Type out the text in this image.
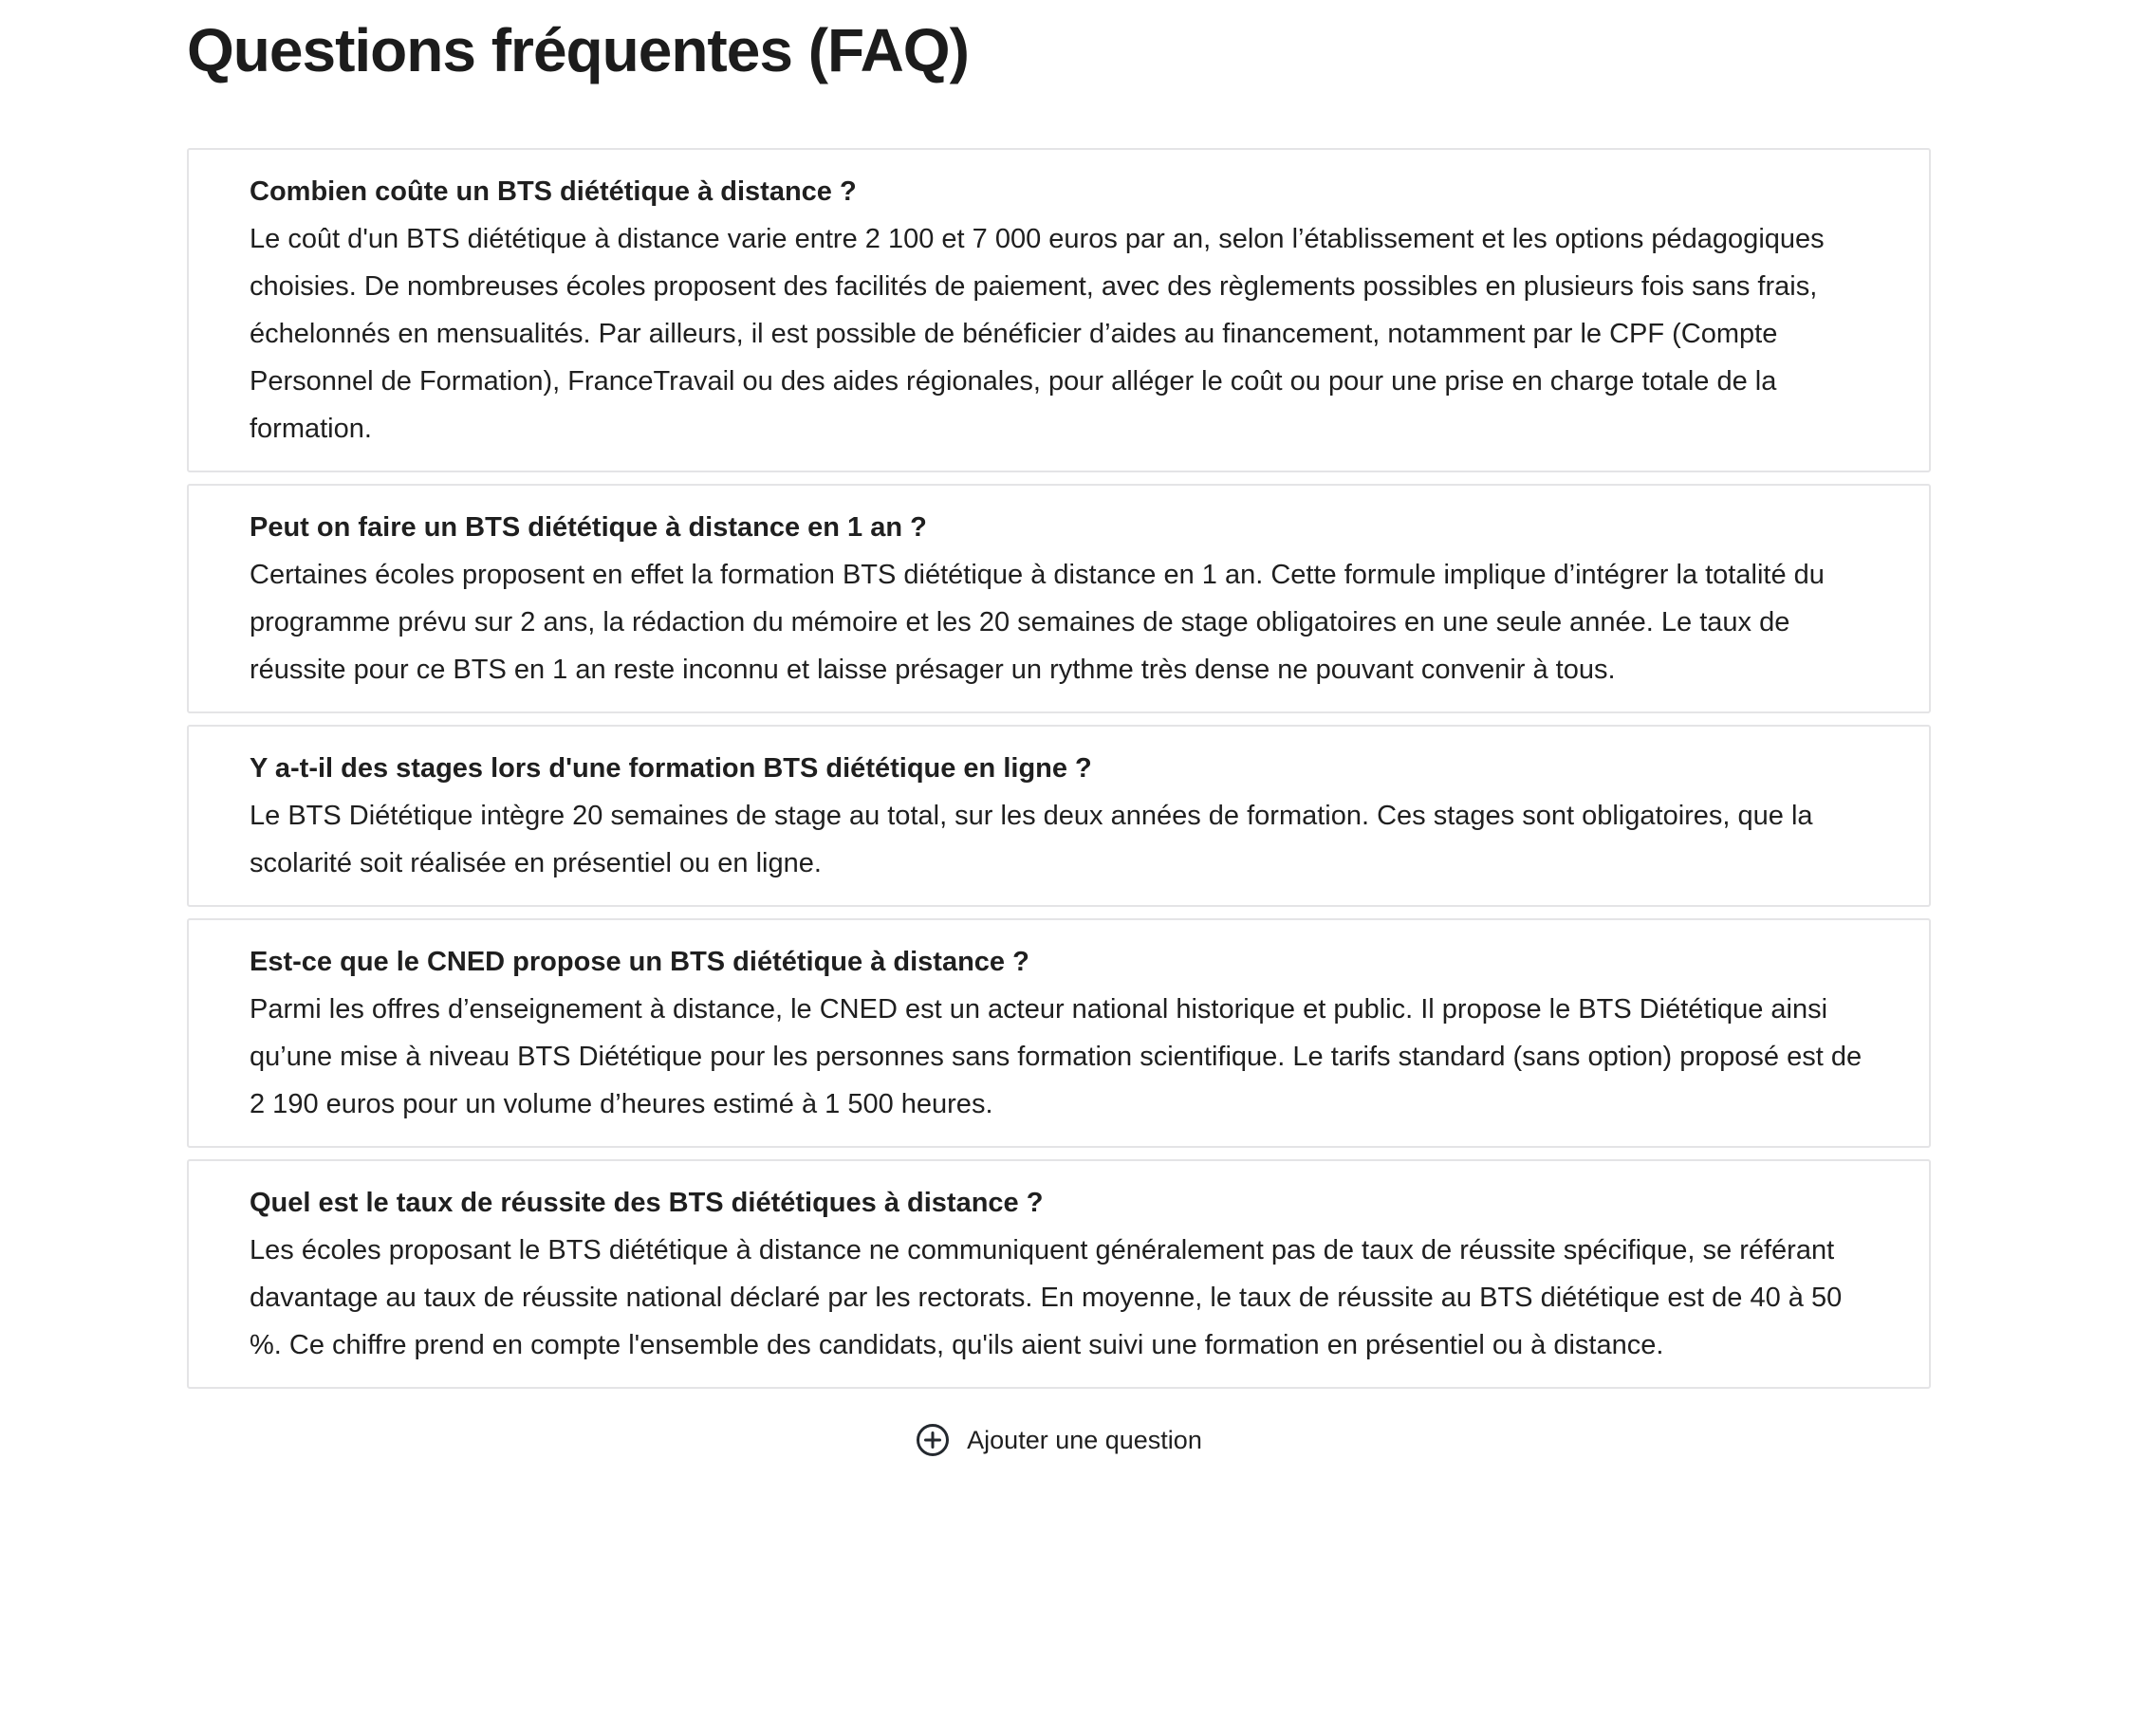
Questions fréquentes (FAQ)

Combien coûte un BTS diététique à distance ?

Le coût d'un BTS diététique à distance varie entre 2 100 et 7 000 euros par an, selon l’établissement et les options pédagogiques choisies. De nombreuses écoles proposent des facilités de paiement, avec des règlements possibles en plusieurs fois sans frais, échelonnés en mensualités. Par ailleurs, il est possible de bénéficier d’aides au financement, notamment par le CPF (Compte Personnel de Formation), FranceTravail ou des aides régionales, pour alléger le coût ou pour une prise en charge totale de la formation.

Peut on faire un BTS diététique à distance en 1 an ?

Certaines écoles proposent en effet la formation BTS diététique à distance en 1 an. Cette formule implique d’intégrer la totalité du programme prévu sur 2 ans, la rédaction du mémoire et les 20 semaines de stage obligatoires en une seule année. Le taux de réussite pour ce BTS en 1 an reste inconnu et laisse présager un rythme très dense ne pouvant convenir à tous.

Y a-t-il des stages lors d'une formation BTS diététique en ligne ?

Le BTS Diététique intègre 20 semaines de stage au total, sur les deux années de formation. Ces stages sont obligatoires, que la scolarité soit réalisée en présentiel ou en ligne.

Est-ce que le CNED propose un BTS diététique à distance ?

Parmi les offres d’enseignement à distance, le CNED est un acteur national historique et public. Il propose le BTS Diététique ainsi qu’une mise à niveau BTS Diététique pour les personnes sans formation scientifique. Le tarifs standard (sans option) proposé est de 2 190 euros pour un volume d’heures estimé à 1 500 heures.

Quel est le taux de réussite des BTS diététiques à distance ?

Les écoles proposant le BTS diététique à distance ne communiquent généralement pas de taux de réussite spécifique, se référant davantage au taux de réussite national déclaré par les rectorats. En moyenne, le taux de réussite au BTS diététique est de 40 à 50 %. Ce chiffre prend en compte l'ensemble des candidats, qu'ils aient suivi une formation en présentiel ou à distance.

Ajouter une question
